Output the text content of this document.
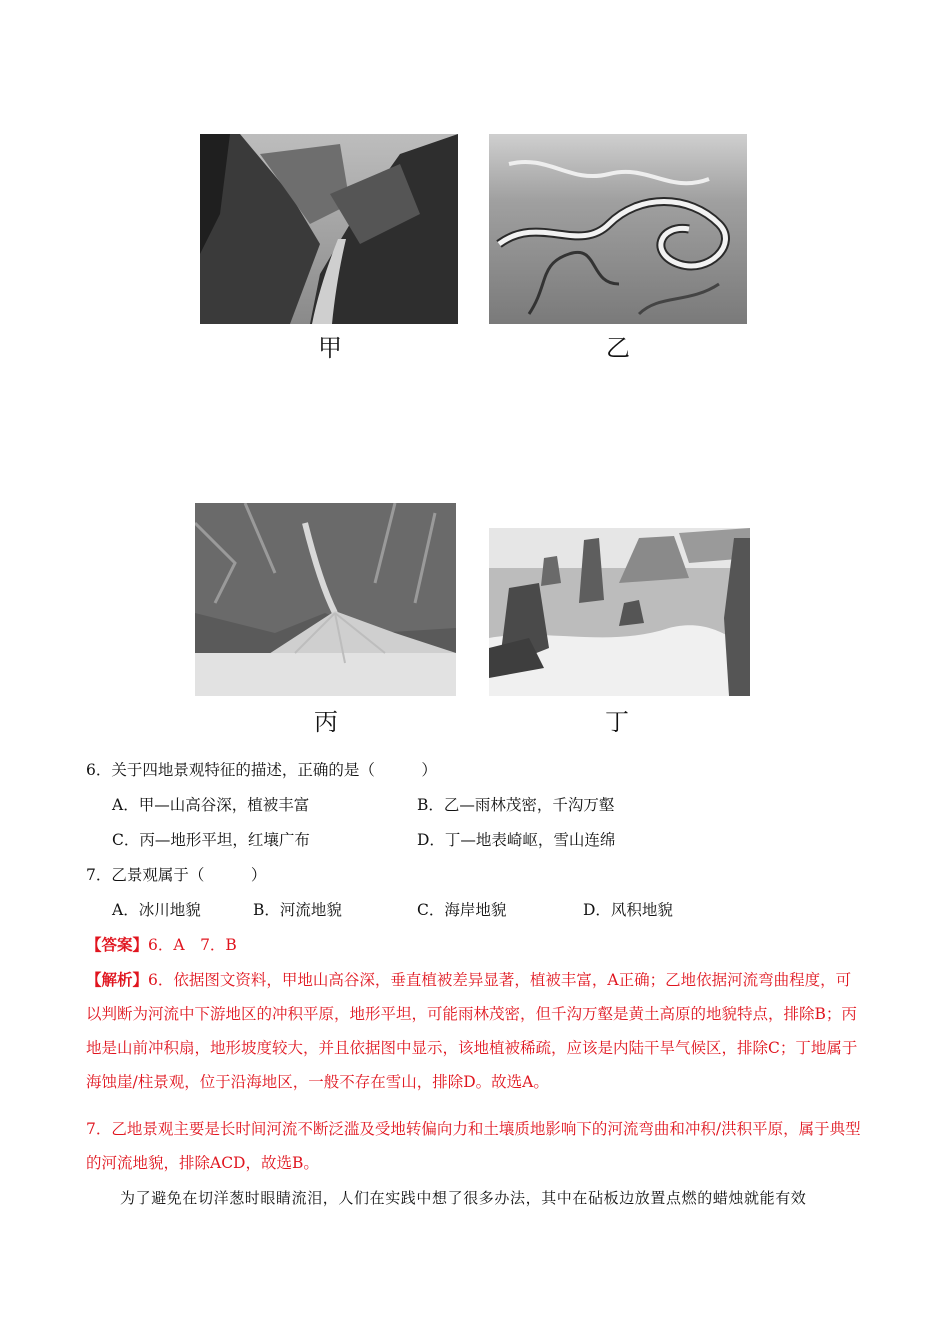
甲	乙
丙	丁
6．关于四地景观特征的描述，正确的是（　　　）
A．甲—山高谷深，植被丰富	B．乙—雨林茂密，千沟万壑
C．丙—地形平坦，红壤广布	D．丁—地表崎岖，雪山连绵
7．乙景观属于（　　　）
A．冰川地貌	B．河流地貌	C．海岸地貌	D．风积地貌
【答案】6．A　7．B
【解析】6．依据图文资料，甲地山高谷深，垂直植被差异显著，植被丰富，A正确；乙地依据河流弯曲程度，可以判断为河流中下游地区的冲积平原，地形平坦，可能雨林茂密，但千沟万壑是黄土高原的地貌特点，排除B；丙地是山前冲积扇，地形坡度较大，并且依据图中显示，该地植被稀疏，应该是内陆干旱气候区，排除C；丁地属于海蚀崖/柱景观，位于沿海地区，一般不存在雪山，排除D。故选A。
7．乙地景观主要是长时间河流不断泛滥及受地转偏向力和土壤质地影响下的河流弯曲和冲积/洪积平原，属于典型的河流地貌，排除ACD，故选B。
为了避免在切洋葱时眼睛流泪，人们在实践中想了很多办法，其中在砧板边放置点燃的蜡烛就能有效
